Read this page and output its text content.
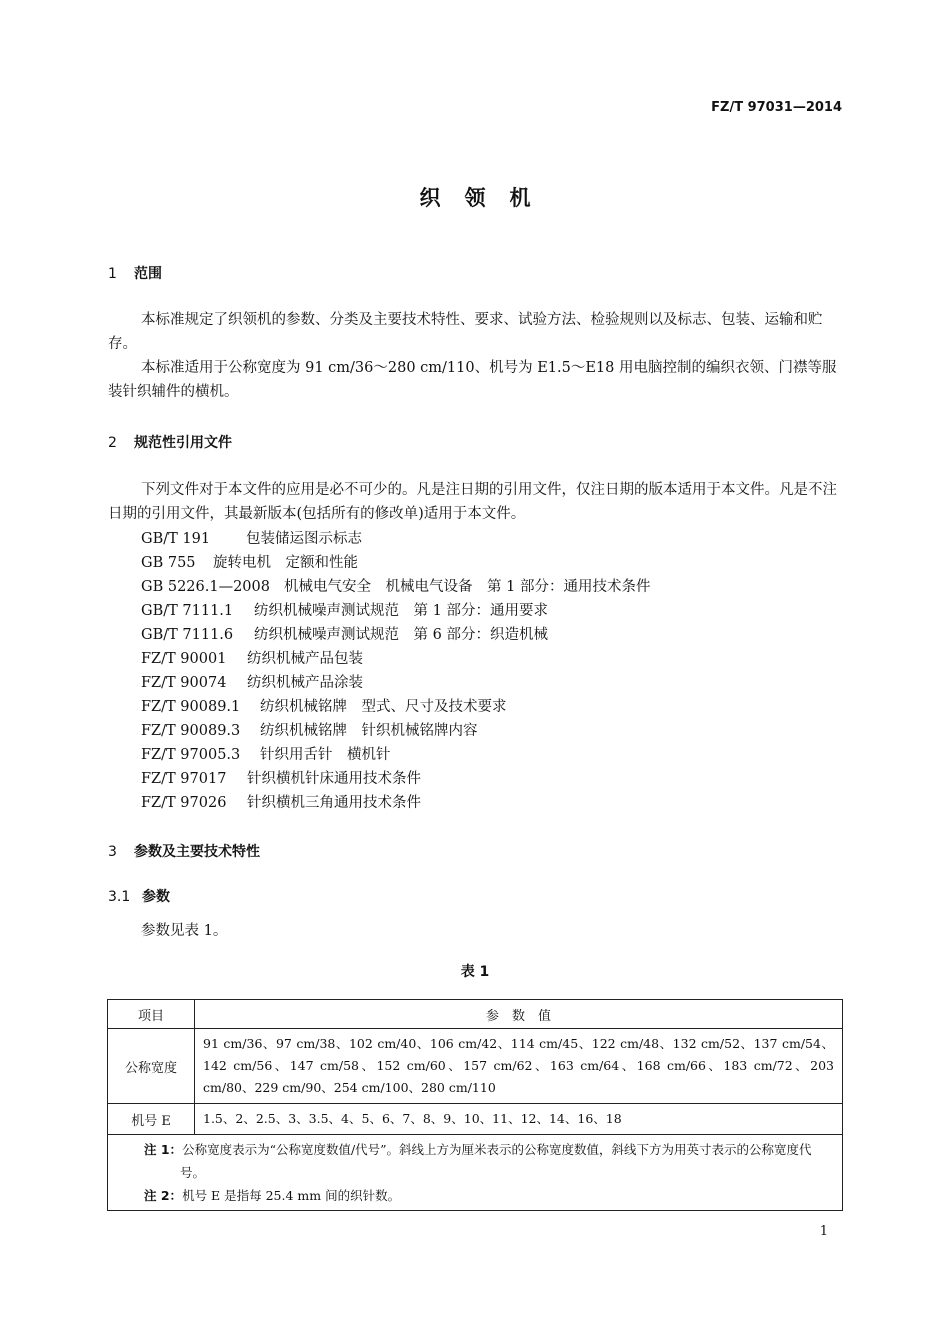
FZ/T 97031—2014
织领机
1 范围
本标准规定了织领机的参数、分类及主要技术特性、要求、试验方法、检验规则以及标志、包装、运输和贮存。
本标准适用于公称宽度为 91 cm/36～280 cm/110、机号为 E1.5～E18 用电脑控制的编织衣领、门襟等服装针织辅件的横机。
2 规范性引用文件
下列文件对于本文件的应用是必不可少的。凡是注日期的引用文件，仅注日期的版本适用于本文件。凡是不注日期的引用文件，其最新版本(包括所有的修改单)适用于本文件。
GB/T 191 包装储运图示标志
GB 755 旋转电机　定额和性能
GB 5226.1—2008 机械电气安全　机械电气设备　第 1 部分：通用技术条件
GB/T 7111.1 纺织机械噪声测试规范　第 1 部分：通用要求
GB/T 7111.6 纺织机械噪声测试规范　第 6 部分：织造机械
FZ/T 90001 纺织机械产品包装
FZ/T 90074 纺织机械产品涂装
FZ/T 90089.1 纺织机械铭牌　型式、尺寸及技术要求
FZ/T 90089.3 纺织机械铭牌　针织机械铭牌内容
FZ/T 97005.3 针织用舌针　横机针
FZ/T 97017 针织横机针床通用技术条件
FZ/T 97026 针织横机三角通用技术条件
3 参数及主要技术特性
3.1 参数
参数见表 1。
表 1
项目	参　数　值
公称宽度	91 cm/36、97 cm/38、102 cm/40、106 cm/42、114 cm/45、122 cm/48、132 cm/52、137 cm/54、142 cm/56、147 cm/58、152 cm/60、157 cm/62、163 cm/64、168 cm/66、183 cm/72、203 cm/80、229 cm/90、254 cm/100、280 cm/110
机号 E	1.5、2、2.5、3、3.5、4、5、6、7、8、9、10、11、12、14、16、18

注 1：公称宽度表示为“公称宽度数值/代号”。斜线上方为厘米表示的公称宽度数值，斜线下方为用英寸表示的公称宽度代号。
注 2：机号 E 是指每 25.4 mm 间的织针数。	
1
